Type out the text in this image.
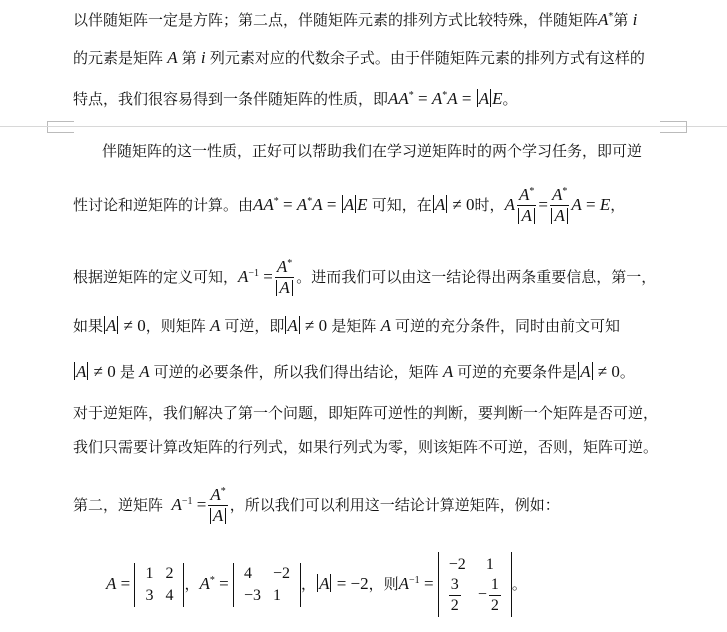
以伴随矩阵一定是方阵；第二点，伴随矩阵元素的排列方式比较特殊，伴随矩阵A*第 i
的元素是矩阵 A 第 i 列元素对应的代数余子式。由于伴随矩阵元素的排列方式有这样的
特点，我们很容易得到一条伴随矩阵的性质，即AA* = A*A = A E。
伴随矩阵的这一性质，正好可以帮助我们在学习逆矩阵时的两个学习任务，即可逆
性讨论和逆矩阵的计算。由AA* = A*A = A E 可知，在 A ≠ 0时，A $\frac{A^*}{A} = \frac{A^*}{A}$ A = E，
根据逆矩阵的定义可知，$A^{-1} = \frac{A^*}{A}$ 。进而我们可以由这一结论得出两条重要信息，第一，
如果 A ≠ 0，则矩阵 A 可逆，即 A ≠ 0 是矩阵 A 可逆的充分条件，同时由前文可知
A ≠ 0 是 A 可逆的必要条件，所以我们得出结论，矩阵 A 可逆的充要条件是 A ≠ 0。
对于逆矩阵，我们解决了第一个问题，即矩阵可逆性的判断，要判断一个矩阵是否可逆，
我们只需要计算改矩阵的行列式，如果行列式为零，则该矩阵不可逆，否则，矩阵可逆。
第二，逆矩阵 $A^{-1} = \frac{A^*}{A}$ ，所以我们可以利用这一结论计算逆矩阵，例如：
A =
1	2
3	4
，A* =
4	−2
−3	1
， A = −2，则$A^{-1}$ =
−2	1

$\frac{3}{2}$	− $\frac{1}{2}$ 。
